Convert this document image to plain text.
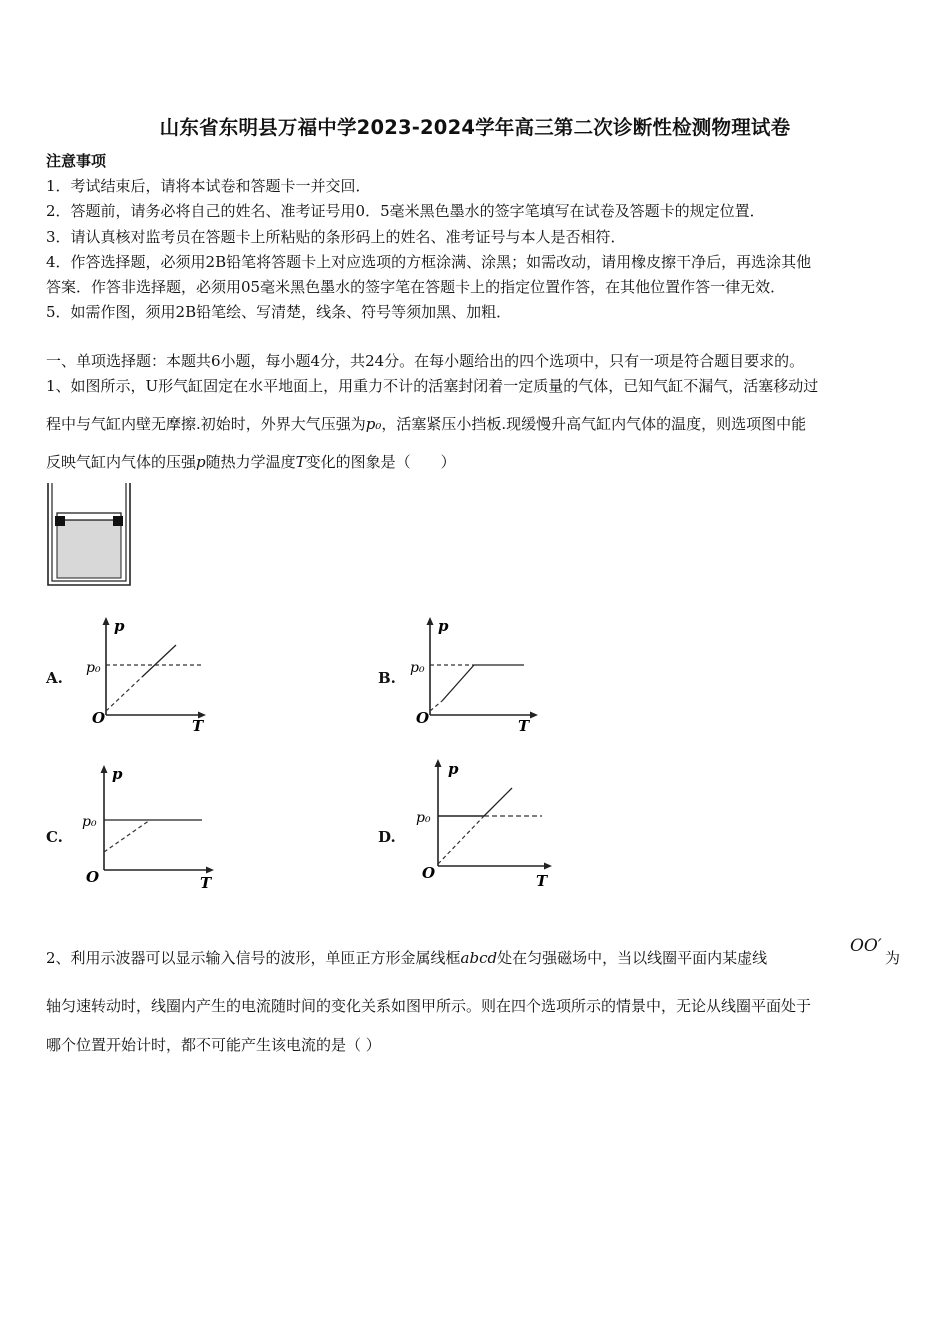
山东省东明县万福中学2023-2024学年高三第二次诊断性检测物理试卷
注意事项
1．考试结束后，请将本试卷和答题卡一并交回．
2．答题前，请务必将自己的姓名、准考证号用0．5毫米黑色墨水的签字笔填写在试卷及答题卡的规定位置．
3．请认真核对监考员在答题卡上所粘贴的条形码上的姓名、准考证号与本人是否相符．
4．作答选择题，必须用2B铅笔将答题卡上对应选项的方框涂满、涂黑；如需改动，请用橡皮擦干净后，再选涂其他
答案．作答非选择题，必须用05毫米黑色墨水的签字笔在答题卡上的指定位置作答，在其他位置作答一律无效．
5．如需作图，须用2B铅笔绘、写清楚，线条、符号等须加黑、加粗．
一、单项选择题：本题共6小题，每小题4分，共24分。在每小题给出的四个选项中，只有一项是符合题目要求的。
1、如图所示，U形气缸固定在水平地面上，用重力不计的活塞封闭着一定质量的气体，已知气缸不漏气，活塞移动过
程中与气缸内壁无摩擦.初始时，外界大气压强为p₀，活塞紧压小挡板.现缓慢升高气缸内气体的温度，则选项图中能
反映气缸内气体的压强p随热力学温度T变化的图象是（　　）
A.
p
p₀
O	T
B.
p
p₀
O	T
C.
p
p₀
O	T
D.
p
p₀
O	T
2、利用示波器可以显示输入信号的波形，单匝正方形金属线框abcd处在匀强磁场中，当以线圈平面内某虚线
OO′
为
轴匀速转动时，线圈内产生的电流随时间的变化关系如图甲所示。则在四个选项所示的情景中，无论从线圈平面处于
哪个位置开始计时，都不可能产生该电流的是（ ）
